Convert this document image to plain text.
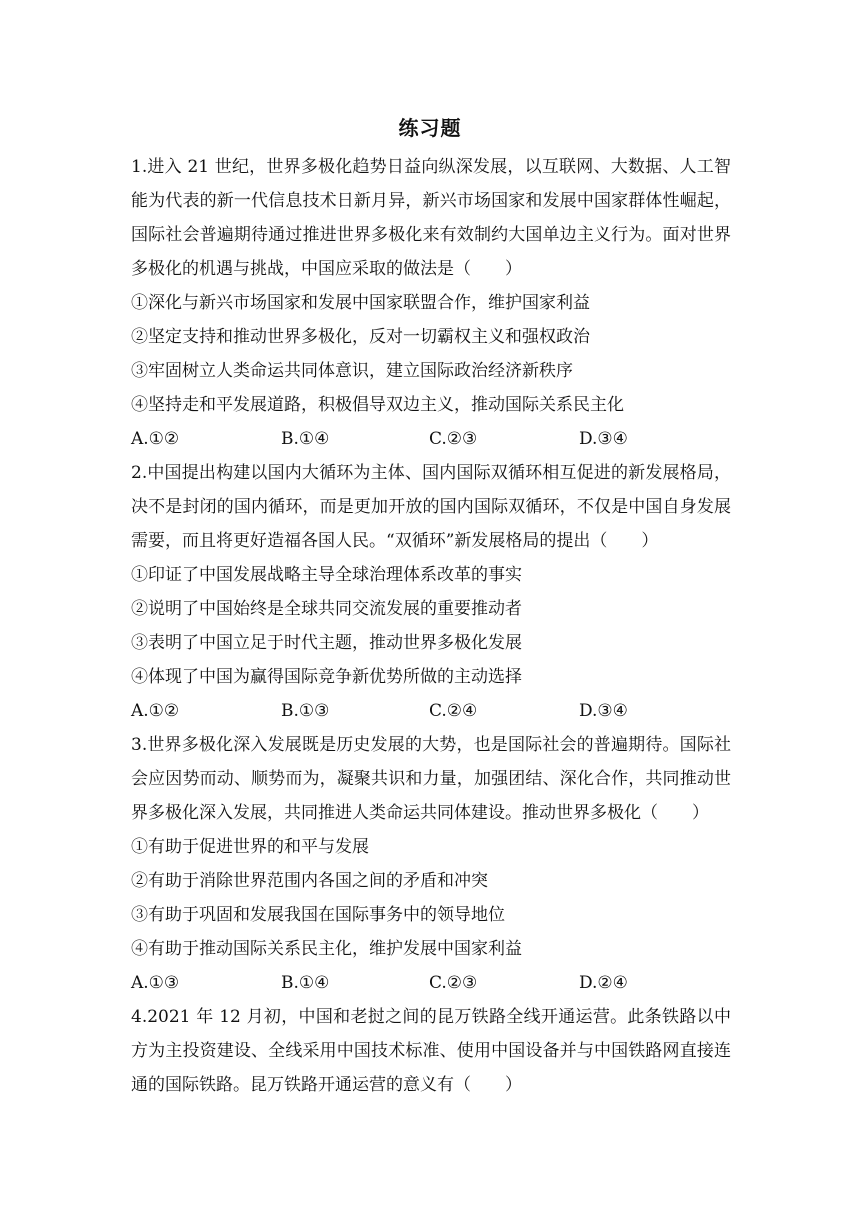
练习题

1.进入 21 世纪，世界多极化趋势日益向纵深发展，以互联网、大数据、人工智能为代表的新一代信息技术日新月异，新兴市场国家和发展中国家群体性崛起，国际社会普遍期待通过推进世界多极化来有效制约大国单边主义行为。面对世界多极化的机遇与挑战，中国应采取的做法是（　　）

①深化与新兴市场国家和发展中国家联盟合作，维护国家利益

②坚定支持和推动世界多极化，反对一切霸权主义和强权政治

③牢固树立人类命运共同体意识，建立国际政治经济新秩序

④坚持走和平发展道路，积极倡导双边主义，推动国际关系民主化

A.①②	B.①④	C.②③	D.③④

2.中国提出构建以国内大循环为主体、国内国际双循环相互促进的新发展格局，决不是封闭的国内循环，而是更加开放的国内国际双循环，不仅是中国自身发展需要，而且将更好造福各国人民。“双循环”新发展格局的提出（　　）

①印证了中国发展战略主导全球治理体系改革的事实

②说明了中国始终是全球共同交流发展的重要推动者

③表明了中国立足于时代主题，推动世界多极化发展

④体现了中国为赢得国际竞争新优势所做的主动选择

A.①②	B.①③	C.②④	D.③④

3.世界多极化深入发展既是历史发展的大势，也是国际社会的普遍期待。国际社会应因势而动、顺势而为，凝聚共识和力量，加强团结、深化合作，共同推动世界多极化深入发展，共同推进人类命运共同体建设。推动世界多极化（　　）

①有助于促进世界的和平与发展

②有助于消除世界范围内各国之间的矛盾和冲突

③有助于巩固和发展我国在国际事务中的领导地位

④有助于推动国际关系民主化，维护发展中国家利益

A.①③	B.①④	C.②③	D.②④

4.2021 年 12 月初，中国和老挝之间的昆万铁路全线开通运营。此条铁路以中方为主投资建设、全线采用中国技术标准、使用中国设备并与中国铁路网直接连通的国际铁路。昆万铁路开通运营的意义有（　　）
